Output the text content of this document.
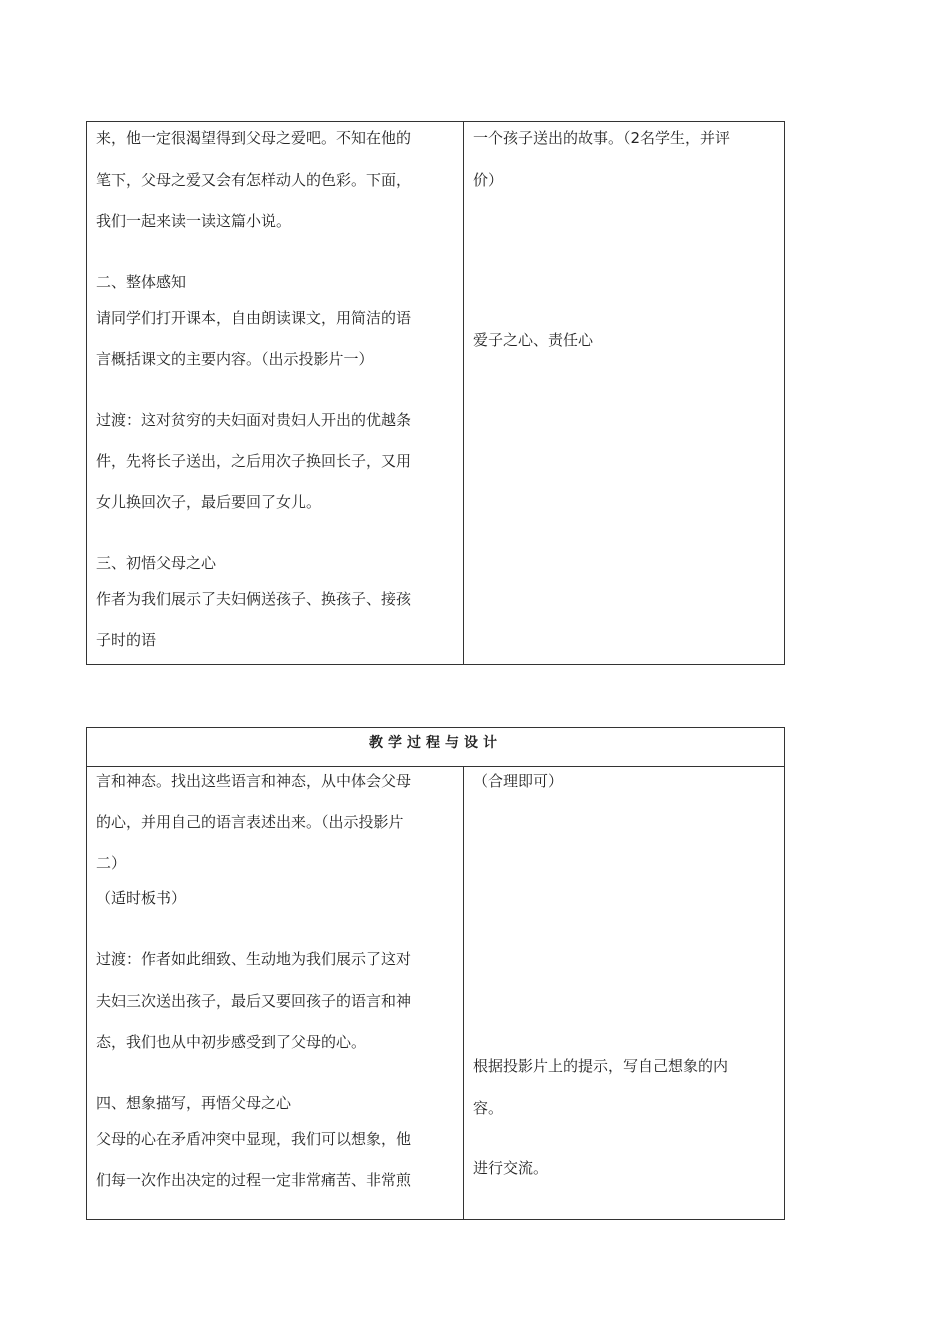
来，他一定很渴望得到父母之爱吧。不知在他的
笔下，父母之爱又会有怎样动人的色彩。下面，
我们一起来读一读这篇小说。
二、整体感知
请同学们打开课本，自由朗读课文，用简洁的语
言概括课文的主要内容。（出示投影片一）
过渡：这对贫穷的夫妇面对贵妇人开出的优越条
件，先将长子送出，之后用次子换回长子，又用
女儿换回次子，最后要回了女儿。
三、初悟父母之心
作者为我们展示了夫妇俩送孩子、换孩子、接孩
子时的语
一个孩子送出的故事。（2名学生，并评
价）
爱子之心、责任心
教学过程与设计
言和神态。找出这些语言和神态，从中体会父母
的心，并用自己的语言表述出来。（出示投影片
二）
（适时板书）
过渡：作者如此细致、生动地为我们展示了这对
夫妇三次送出孩子，最后又要回孩子的语言和神
态，我们也从中初步感受到了父母的心。
四、想象描写，再悟父母之心
父母的心在矛盾冲突中显现，我们可以想象，他
们每一次作出决定的过程一定非常痛苦、非常煎
（合理即可）
根据投影片上的提示，写自己想象的内
容。
进行交流。
